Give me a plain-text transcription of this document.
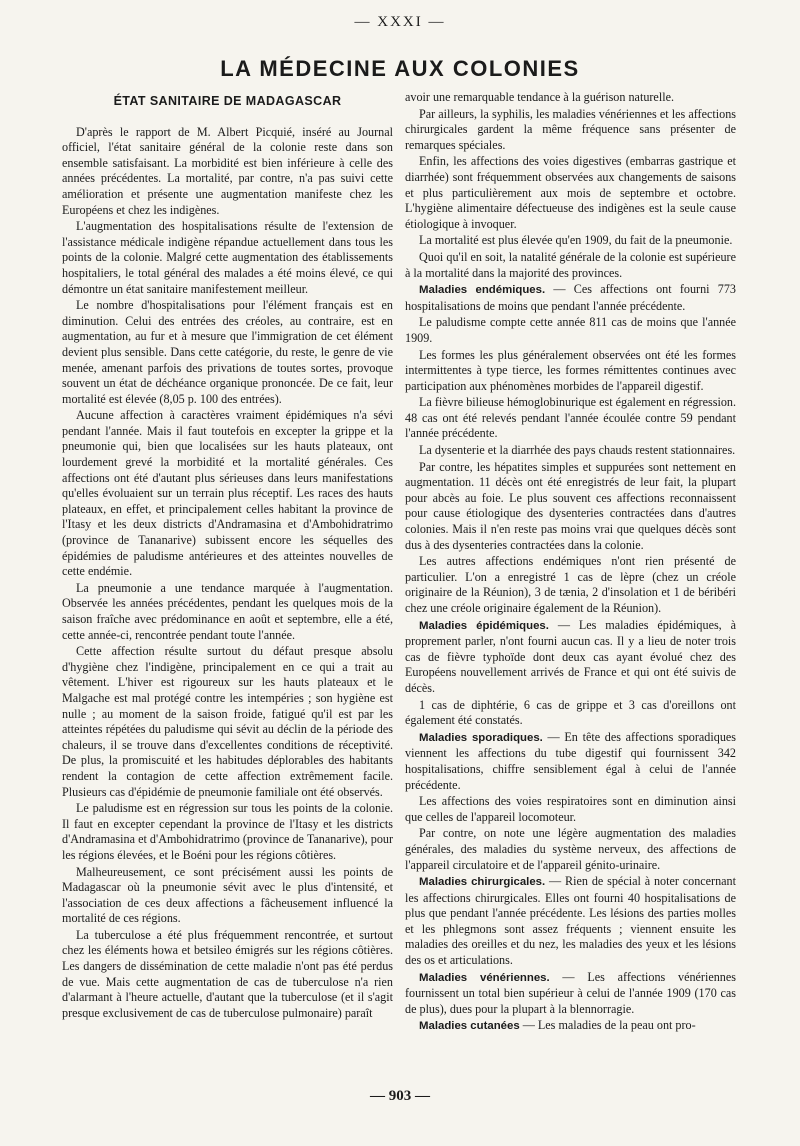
— XXXI —
LA MÉDECINE AUX COLONIES
ÉTAT SANITAIRE DE MADAGASCAR

D'après le rapport de M. Albert Picquié, inséré au Journal officiel, l'état sanitaire général de la colonie reste dans son ensemble satisfaisant. La morbidité est bien inférieure à celle des années précédentes. La mortalité, par contre, n'a pas suivi cette amélioration et présente une augmentation manifeste chez les Européens et chez les indigènes.

L'augmentation des hospitalisations résulte de l'extension de l'assistance médicale indigène répandue actuellement dans tous les points de la colonie. Malgré cette augmentation des établissements hospitaliers, le total général des malades a été moins élevé, ce qui démontre un état sanitaire manifestement meilleur.

Le nombre d'hospitalisations pour l'élément français est en diminution. Celui des entrées des créoles, au contraire, est en augmentation, au fur et à mesure que l'immigration de cet élément devient plus sensible. Dans cette catégorie, du reste, le genre de vie menée, amenant parfois des privations de toutes sortes, provoque souvent un état de déchéance organique prononcée. De ce fait, leur mortalité est élevée (8,05 p. 100 des entrées).

Aucune affection à caractères vraiment épidémiques n'a sévi pendant l'année. Mais il faut toutefois en excepter la grippe et la pneumonie qui, bien que localisées sur les hauts plateaux, ont lourdement grevé la morbidité et la mortalité générales. Ces affections ont été d'autant plus sérieuses dans leurs manifestations qu'elles évoluaient sur un terrain plus réceptif. Les races des hauts plateaux, en effet, et principalement celles habitant la province de l'Itasy et les deux districts d'Andramasina et d'Ambohidratrimo (province de Tananarive) subissent encore les séquelles des épidémies de paludisme antérieures et des atteintes nouvelles de cette endémie.

La pneumonie a une tendance marquée à l'augmentation. Observée les années précédentes, pendant les quelques mois de la saison fraîche avec prédominance en août et septembre, elle a été, cette année-ci, rencontrée pendant toute l'année.

Cette affection résulte surtout du défaut presque absolu d'hygiène chez l'indigène, principalement en ce qui a trait au vêtement. L'hiver est rigoureux sur les hauts plateaux et le Malgache est mal protégé contre les intempéries ; son hygiène est nulle ; au moment de la saison froide, fatigué qu'il est par les atteintes répétées du paludisme qui sévit au déclin de la période des chaleurs, il se trouve dans d'excellentes conditions de réceptivité. De plus, la promiscuité et les habitudes déplorables des habitants rendent la contagion de cette affection extrêmement facile. Plusieurs cas d'épidémie de pneumonie familiale ont été observés.

Le paludisme est en régression sur tous les points de la colonie. Il faut en excepter cependant la province de l'Itasy et les districts d'Andramasina et d'Ambohidratrimo (province de Tananarive), pour les régions élevées, et le Boéni pour les régions côtières.

Malheureusement, ce sont précisément aussi les points de Madagascar où la pneumonie sévit avec le plus d'intensité, et l'association de ces deux affections a fâcheusement influencé la mortalité de ces régions.

La tuberculose a été plus fréquemment rencontrée, et surtout chez les éléments howa et betsileo émigrés sur les régions côtières. Les dangers de dissémination de cette maladie n'ont pas été perdus de vue. Mais cette augmentation de cas de tuberculose n'a rien d'alarmant à l'heure actuelle, d'autant que la tuberculose (et il s'agit presque exclusivement de cas de tuberculose pulmonaire) paraît

avoir une remarquable tendance à la guérison naturelle.

Par ailleurs, la syphilis, les maladies vénériennes et les affections chirurgicales gardent la même fréquence sans présenter de remarques spéciales.

Enfin, les affections des voies digestives (embarras gastrique et diarrhée) sont fréquemment observées aux changements de saisons et plus particulièrement aux mois de septembre et octobre. L'hygiène alimentaire défectueuse des indigènes est la seule cause étiologique à invoquer.

La mortalité est plus élevée qu'en 1909, du fait de la pneumonie.

Quoi qu'il en soit, la natalité générale de la colonie est supérieure à la mortalité dans la majorité des provinces.

Maladies endémiques. — Ces affections ont fourni 773 hospitalisations de moins que pendant l'année précédente.

Le paludisme compte cette année 811 cas de moins que l'année 1909.

Les formes les plus généralement observées ont été les formes intermittentes à type tierce, les formes rémittentes continues avec participation aux phénomènes morbides de l'appareil digestif.

La fièvre bilieuse hémoglobinurique est également en régression. 48 cas ont été relevés pendant l'année écoulée contre 59 pendant l'année précédente.

La dysenterie et la diarrhée des pays chauds restent stationnaires.

Par contre, les hépatites simples et suppurées sont nettement en augmentation. 11 décès ont été enregistrés de leur fait, la plupart pour abcès au foie. Le plus souvent ces affections reconnaissent pour cause étiologique des dysenteries contractées dans d'autres colonies. Mais il n'en reste pas moins vrai que quelques décès sont dus à des dysenteries contractées dans la colonie.

Les autres affections endémiques n'ont rien présenté de particulier. L'on a enregistré 1 cas de lèpre (chez un créole originaire de la Réunion), 3 de tænia, 2 d'insolation et 1 de béribéri chez une créole originaire également de la Réunion).

Maladies épidémiques. — Les maladies épidémiques, à proprement parler, n'ont fourni aucun cas. Il y a lieu de noter trois cas de fièvre typhoïde dont deux cas ayant évolué chez des Européens nouvellement arrivés de France et qui ont été suivis de décès.

1 cas de diphtérie, 6 cas de grippe et 3 cas d'oreillons ont également été constatés.

Maladies sporadiques. — En tête des affections sporadiques viennent les affections du tube digestif qui fournissent 342 hospitalisations, chiffre sensiblement égal à celui de l'année précédente.

Les affections des voies respiratoires sont en diminution ainsi que celles de l'appareil locomoteur.

Par contre, on note une légère augmentation des maladies générales, des maladies du système nerveux, des affections de l'appareil circulatoire et de l'appareil génito-urinaire.

Maladies chirurgicales. — Rien de spécial à noter concernant les affections chirurgicales. Elles ont fourni 40 hospitalisations de plus que pendant l'année précédente. Les lésions des parties molles et les phlegmons sont assez fréquents ; viennent ensuite les maladies des oreilles et du nez, les maladies des yeux et les lésions des os et articulations.

Maladies vénériennes. — Les affections vénériennes fournissent un total bien supérieur à celui de l'année 1909 (170 cas de plus), dues pour la plupart à la blennorragie.

Maladies cutanées — Les maladies de la peau ont pro-

— 903 —
